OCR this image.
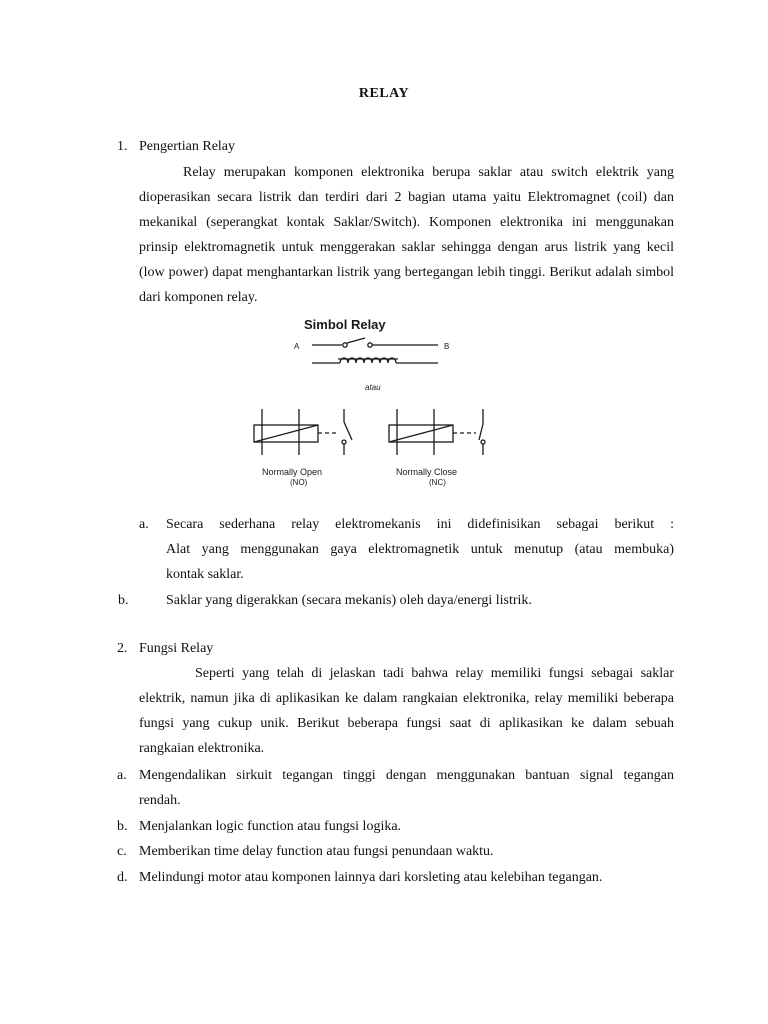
RELAY
1. Pengertian Relay

Relay merupakan komponen elektronika berupa saklar atau switch elektrik yang dioperasikan secara listrik dan terdiri dari 2 bagian utama yaitu Elektromagnet (coil) dan mekanikal (seperangkat kontak Saklar/Switch). Komponen elektronika ini menggunakan prinsip elektromagnetik untuk menggerakan saklar sehingga dengan arus listrik yang kecil (low power) dapat menghantarkan listrik yang bertegangan lebih tinggi. Berikut adalah simbol dari komponen relay.

Simbol Relay
A	B
atau
Normally Open
(NO)
Normally Close
(NC)
a. Secara sederhana relay elektromekanis ini didefinisikan sebagai berikut :

Alat yang menggunakan gaya elektromagnetik untuk menutup (atau membuka)

kontak saklar.

b.	Saklar yang digerakkan (secara mekanis) oleh daya/energi listrik.
2. Fungsi Relay

Seperti yang telah di jelaskan tadi bahwa relay memiliki fungsi sebagai saklar elektrik, namun jika di aplikasikan ke dalam rangkaian elektronika, relay memiliki beberapa fungsi yang cukup unik. Berikut beberapa fungsi saat di aplikasikan ke dalam sebuah rangkaian elektronika.

a. Mengendalikan sirkuit tegangan tinggi dengan menggunakan bantuan signal tegangan

rendah.

b. Menjalankan logic function atau fungsi logika.
c. Memberikan time delay function atau fungsi penundaan waktu.
d. Melindungi motor atau komponen lainnya dari korsleting atau kelebihan tegangan.
